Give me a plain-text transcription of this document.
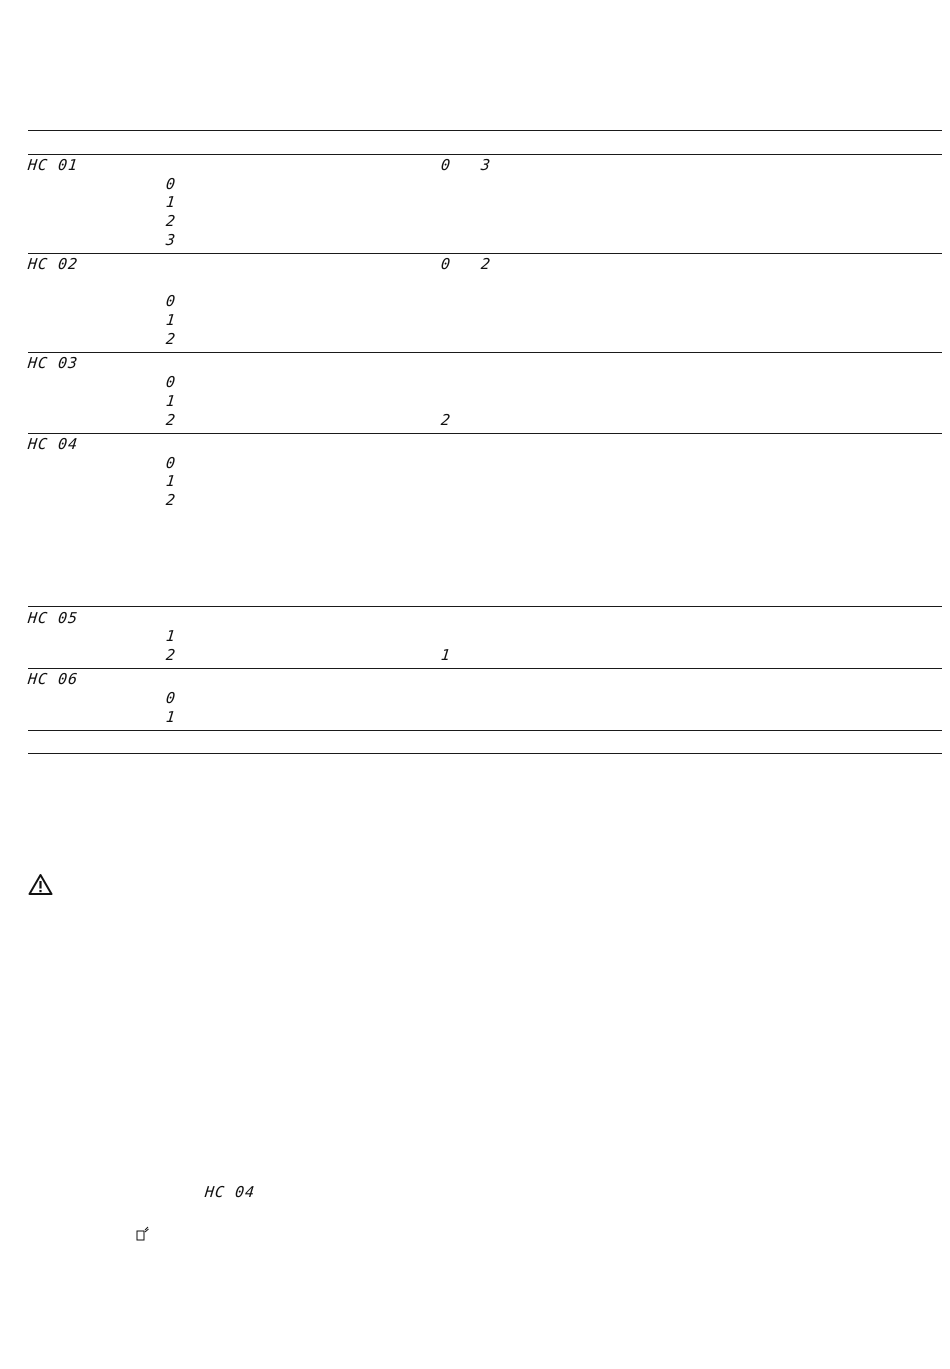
HC 01
0
1
2
3
0 3
HC 02
0
1
2
0 2
HC 03
0
1
2	2
HC 04
0
1
2
HC 05
1
2	1
HC 06
0
1
HC 04
